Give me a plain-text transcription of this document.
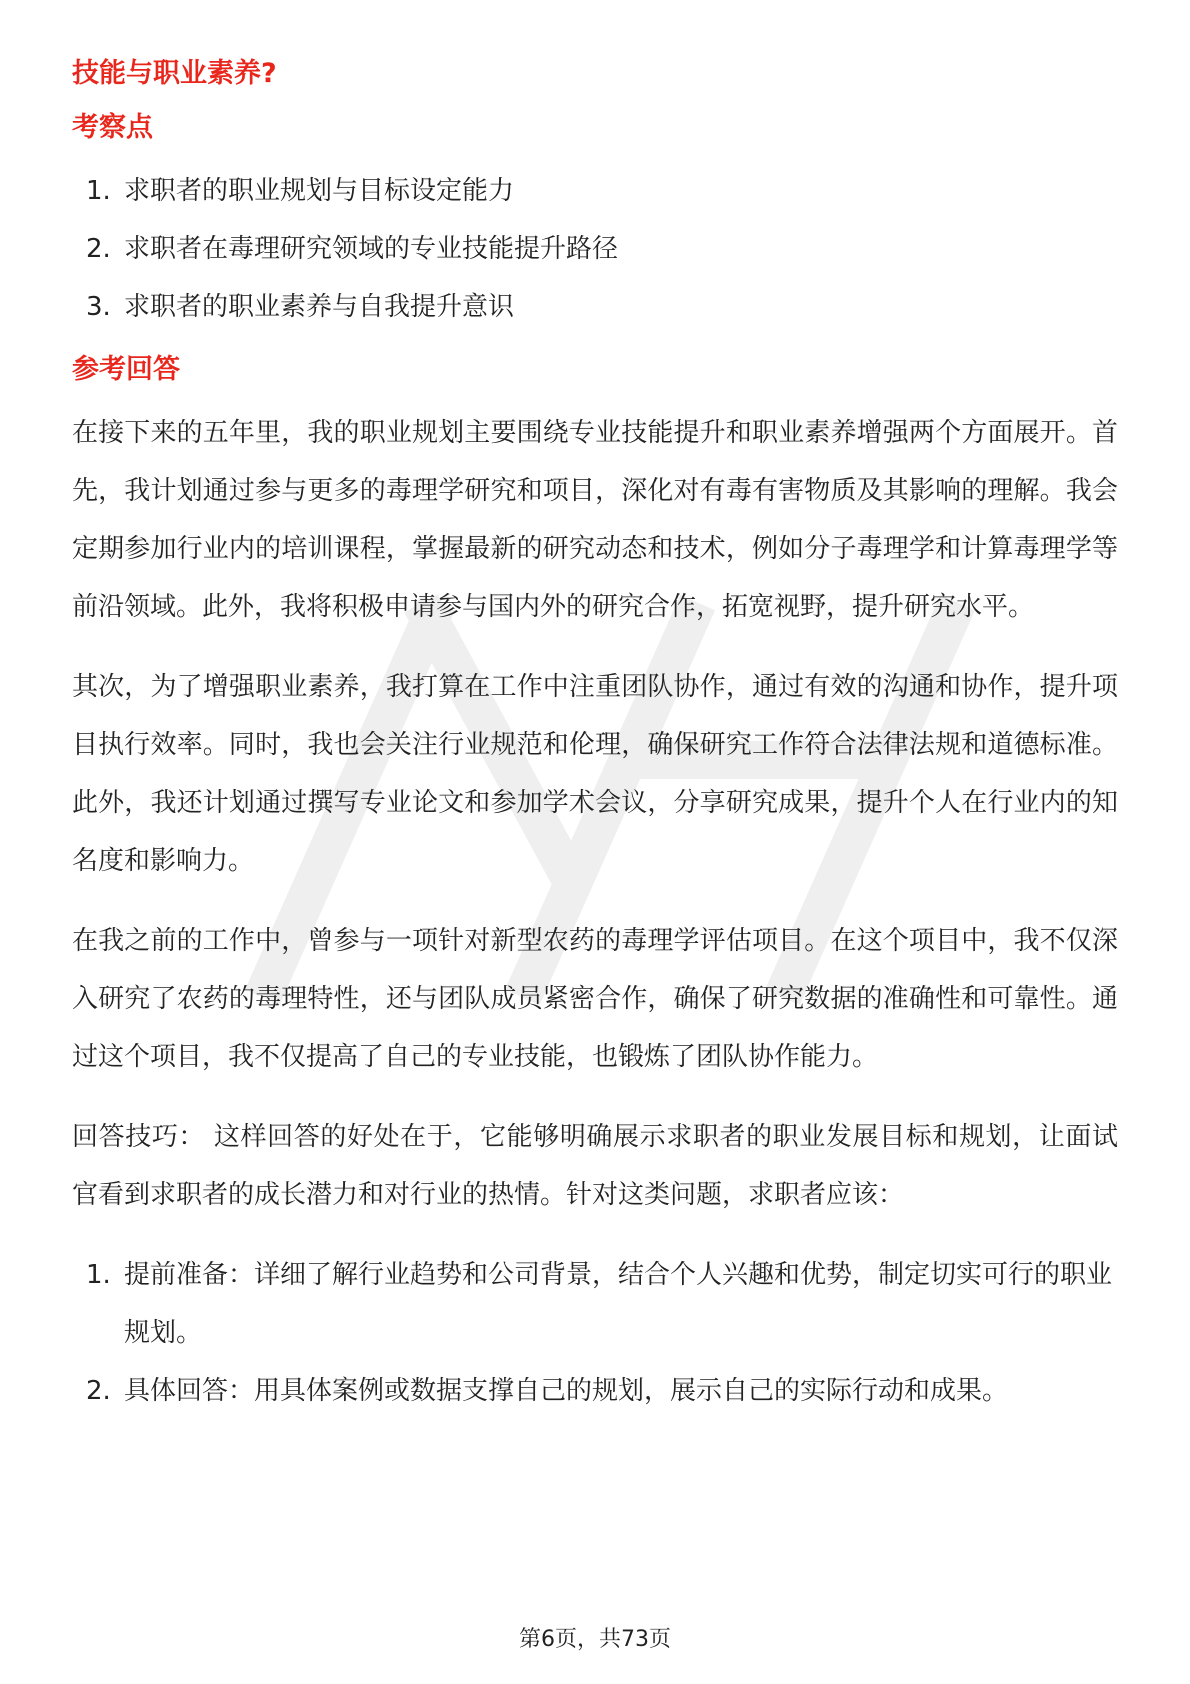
技能与职业素养?
考察点
1. 求职者的职业规划与目标设定能力
2. 求职者在毒理研究领域的专业技能提升路径
3. 求职者的职业素养与自我提升意识
参考回答

在接下来的五年里，我的职业规划主要围绕专业技能提升和职业素养增强两个方面展开。首先，我计划通过参与更多的毒理学研究和项目，深化对有毒有害物质及其影响的理解。我会定期参加行业内的培训课程，掌握最新的研究动态和技术，例如分子毒理学和计算毒理学等前沿领域。此外，我将积极申请参与国内外的研究合作，拓宽视野，提升研究水平。

其次，为了增强职业素养，我打算在工作中注重团队协作，通过有效的沟通和协作，提升项目执行效率。同时，我也会关注行业规范和伦理，确保研究工作符合法律法规和道德标准。此外，我还计划通过撰写专业论文和参加学术会议，分享研究成果，提升个人在行业内的知名度和影响力。

在我之前的工作中，曾参与一项针对新型农药的毒理学评估项目。在这个项目中，我不仅深入研究了农药的毒理特性，还与团队成员紧密合作，确保了研究数据的准确性和可靠性。通过这个项目，我不仅提高了自己的专业技能，也锻炼了团队协作能力。

回答技巧： 这样回答的好处在于，它能够明确展示求职者的职业发展目标和规划，让面试官看到求职者的成长潜力和对行业的热情。针对这类问题，求职者应该：

1. 提前准备：详细了解行业趋势和公司背景，结合个人兴趣和优势，制定切实可行的职业规划。
2. 具体回答：用具体案例或数据支撑自己的规划，展示自己的实际行动和成果。
第6页，共73页
